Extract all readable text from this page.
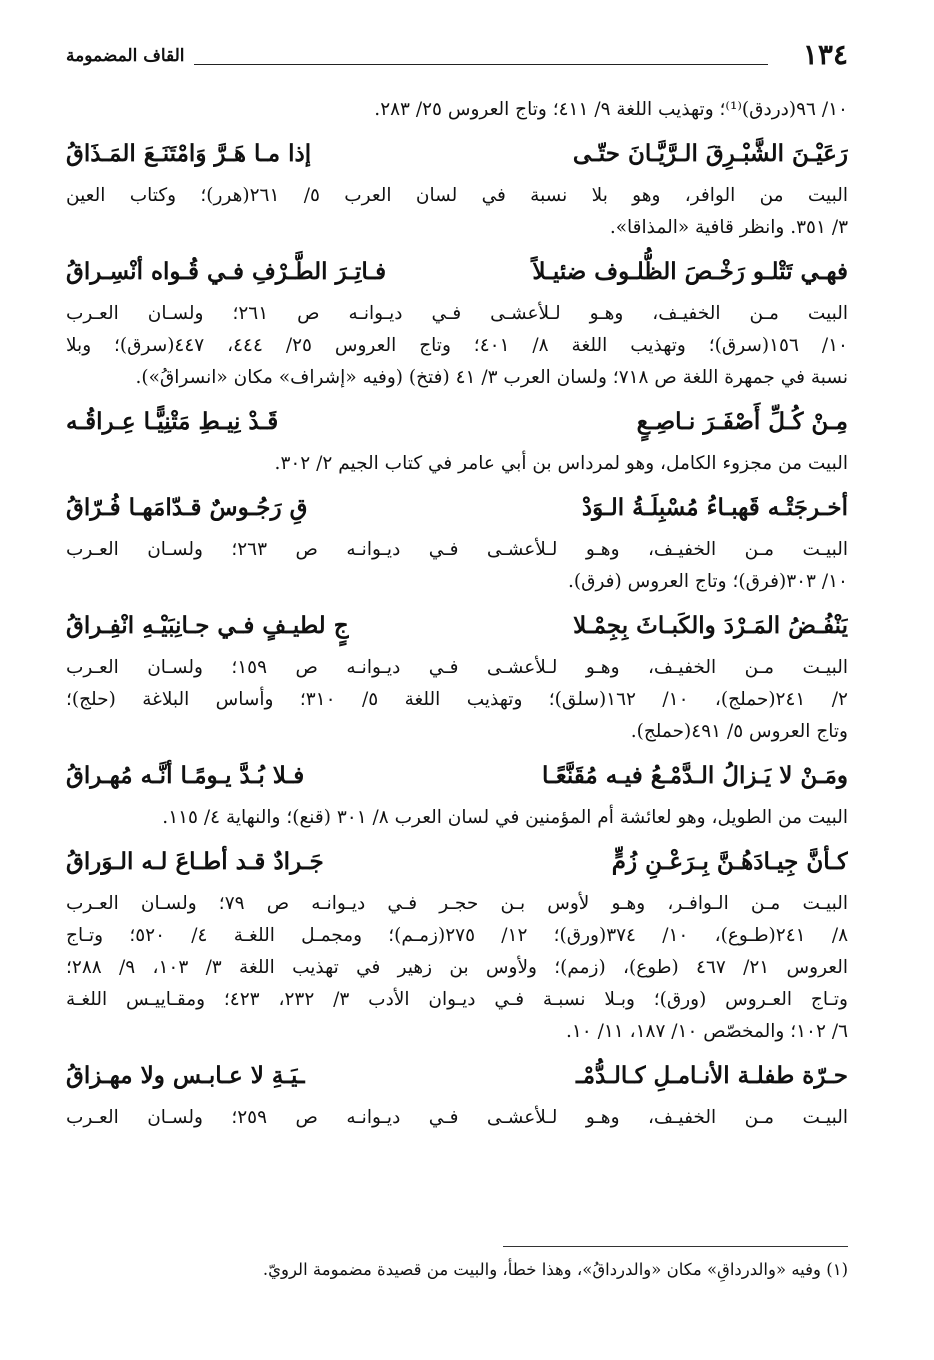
١٣٤
القاف المضمومة
١٠/ ٩٦(دردق)⁽¹⁾؛ وتهذيب اللغة ٩/ ٤١١؛ وتاج العروس ٢٥/ ٢٨٣.
رَعَيْـنَ الشَّبْـرِقَ الـرَّيَّـانَ حتّـى
إذا مـا هَـرَّ وَامْتَنَـعَ المَـذَاقُ
البيت من الوافر، وهو بلا نسبة في لسان العرب ٥/ ٢٦١(هرر)؛ وكتاب العين
٣/ ٣٥١. وانظر قافية «المذاقا».
فهـي تَتْلـو رَخْـصَ الظُّلـوف ضئيـلاً
فـاتِـرَ الطَّـرْفِ فـي قُـواه أنْسِـراقُ
البيت مـن الخفيـف، وهـو لـلأعشـى فـي ديـوانـه ص ٢٦١؛ ولسـان العـرب
١٠/ ١٥٦(سرق)؛ وتهذيب اللغة ٨/ ٤٠١؛ وتاج العروس ٢٥/ ٤٤٤، ٤٤٧(سرق)؛ وبلا
نسبة في جمهرة اللغة ص ٧١٨؛ ولسان العرب ٣/ ٤١ (فتخ) (وفيه «إشراف» مكان «انسراقُ»).
مِـنْ كُـلِّ أَصْفَـرَ نـاصِـعٍ
قَـدْ نِيـطِ مَتْنِيًّـا عِـراقُـه
البيت من مجزوء الكامل، وهو لمرداس بن أبي عامر في كتاب الجيم ٢/ ٣٠٢.
أخـرجَتْـه قَهبـاءُ مُسْبِلَـةُ الـوَدْ
قِ رَجُـوسٌ قـدّامَهـا فُـرّاقُ
البيـت مـن الخفيـف، وهـو لـلأعشـى فـي ديـوانـه ص ٢٦٣؛ ولسـان العـرب
١٠/ ٣٠٣(فرق)؛ وتاج العروس (فرق).
يَنْفُـضُ المَـرْدَ والكَبـاثَ بِجِمْـلا
جٍ لطيـفٍ فـي جـانِبَيْـهِ انْفِـراقُ
البيـت مـن الخفيـف، وهـو لـلأعشـى فـي ديـوانـه ص ١٥٩؛ ولسـان العـرب
٢/ ٢٤١(حملج)، ١٠/ ١٦٢(سلق)؛ وتهذيب اللغة ٥/ ٣١٠؛ وأساس البلاغة (حلج)؛
وتاج العروس ٥/ ٤٩١(حملج).
ومَـنْ لا يَـزالُ الـدَّمْـعُ فيـه مُقَنَّعًـا
فـلا بُـدَّ يـومًـا أنَّـه مُهـراقُ
البيت من الطويل، وهو لعائشة أم المؤمنين في لسان العرب ٨/ ٣٠١ (قنع)؛ والنهاية ٤/ ١١٥.
كـأنَّ جِيـادَهُـنَّ بِـرَعْـنِ زُمٍّ
جَـرادٌ قـد أطـاعَ لـه الـوَراقُ
البيـت مـن الـوافـر، وهـو لأوس بـن حجـر فـي ديـوانـه ص ٧٩؛ ولسـان العـرب
٨/ ٢٤١(طـوع)، ١٠/ ٣٧٤(ورق)؛ ١٢/ ٢٧٥(زمـم)؛ ومجمـل اللغـة ٤/ ٥٢٠؛ وتـاج
العروس ٢١/ ٤٦٧ (طوع)، (زمم)؛ ولأوس بن زهير في تهذيب اللغة ٣/ ١٠٣، ٩/ ٢٨٨؛
وتـاج العـروس (ورق)؛ وبـلا نسبـة فـي ديـوان الأدب ٣/ ٢٣٢، ٤٢٣؛ ومقـاييـس اللغـة
٦/ ١٠٢؛ والمخصّص ١٠/ ١٨٧، ١١/ ١٠.
حـرّة طفلـة الأنـامـلِ كـالـدُّمْـ
ـيَـةِ لا عـابـس ولا مهـزاقُ
البيـت مـن الخفيـف، وهـو لـلأعشـى فـي ديـوانـه ص ٢٥٩؛ ولسـان العـرب
(١) وفيه «والدرداقِ» مكان «والدرداقُ»، وهذا خطأ، والبيت من قصيدة مضمومة الرويّ.
